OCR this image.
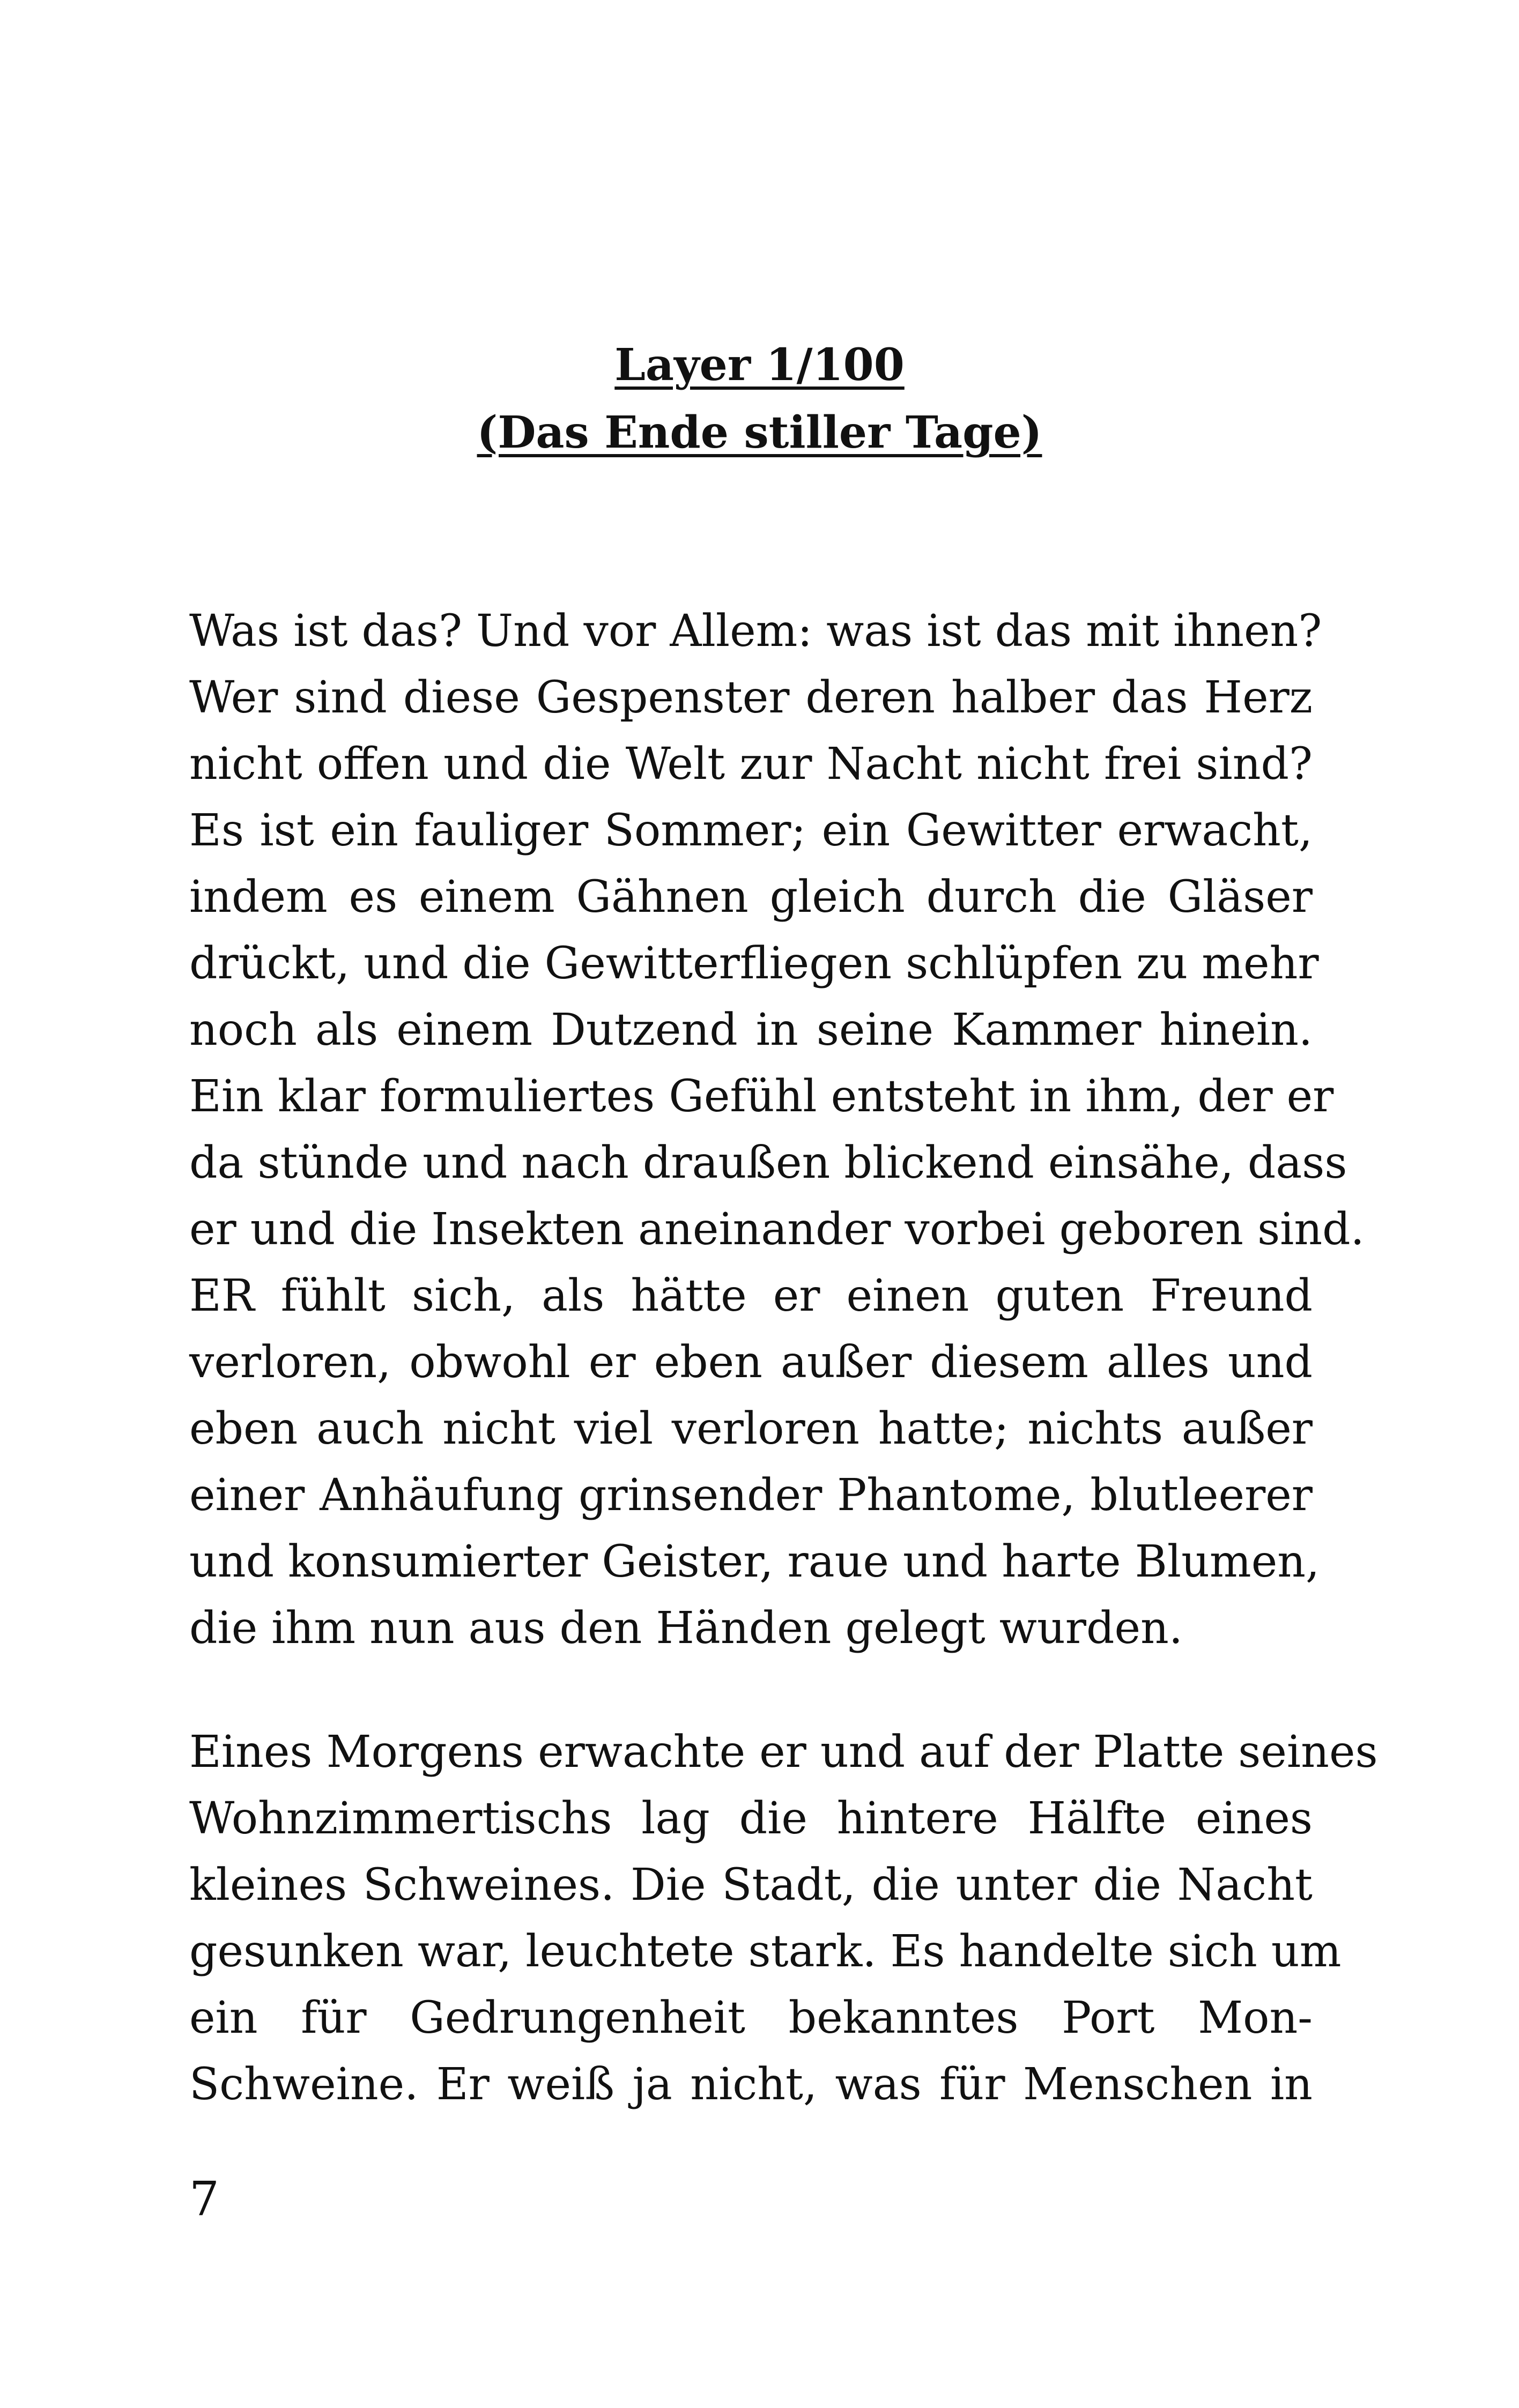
Layer 1/100
(Das Ende stiller Tage)

Was ist das? Und vor Allem: was ist das mit ihnen?
Wer sind diese Gespenster deren halber das Herz
nicht offen und die Welt zur Nacht nicht frei sind?
Es ist ein fauliger Sommer; ein Gewitter erwacht,
indem es einem Gähnen gleich durch die Gläser
drückt, und die Gewitterfliegen schlüpfen zu mehr
noch als einem Dutzend in seine Kammer hinein.
Ein klar formuliertes Gefühl entsteht in ihm, der er
da stünde und nach draußen blickend einsähe, dass
er und die Insekten aneinander vorbei geboren sind.
ER fühlt sich, als hätte er einen guten Freund
verloren, obwohl er eben außer diesem alles und
eben auch nicht viel verloren hatte; nichts außer
einer Anhäufung grinsender Phantome, blutleerer
und konsumierter Geister, raue und harte Blumen,
die ihm nun aus den Händen gelegt wurden.

Eines Morgens erwachte er und auf der Platte seines
Wohnzimmertischs lag die hintere Hälfte eines
kleines Schweines. Die Stadt, die unter die Nacht
gesunken war, leuchtete stark. Es handelte sich um
ein für Gedrungenheit bekanntes Port Mon-
Schweine. Er weiß ja nicht, was für Menschen in

7
